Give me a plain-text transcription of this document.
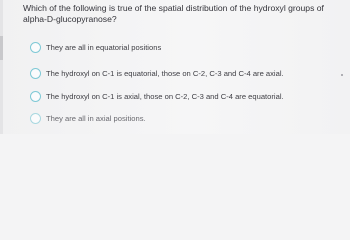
Which of the following is true of the spatial distribution of the hydroxyl groups of alpha-D-glucopyranose?
They are all in equatorial positions
The hydroxyl on C-1 is equatorial, those on C-2, C-3 and C-4 are axial.
The hydroxyl on C-1 is axial, those on C-2, C-3 and C-4 are equatorial.
They are all in axial positions.
